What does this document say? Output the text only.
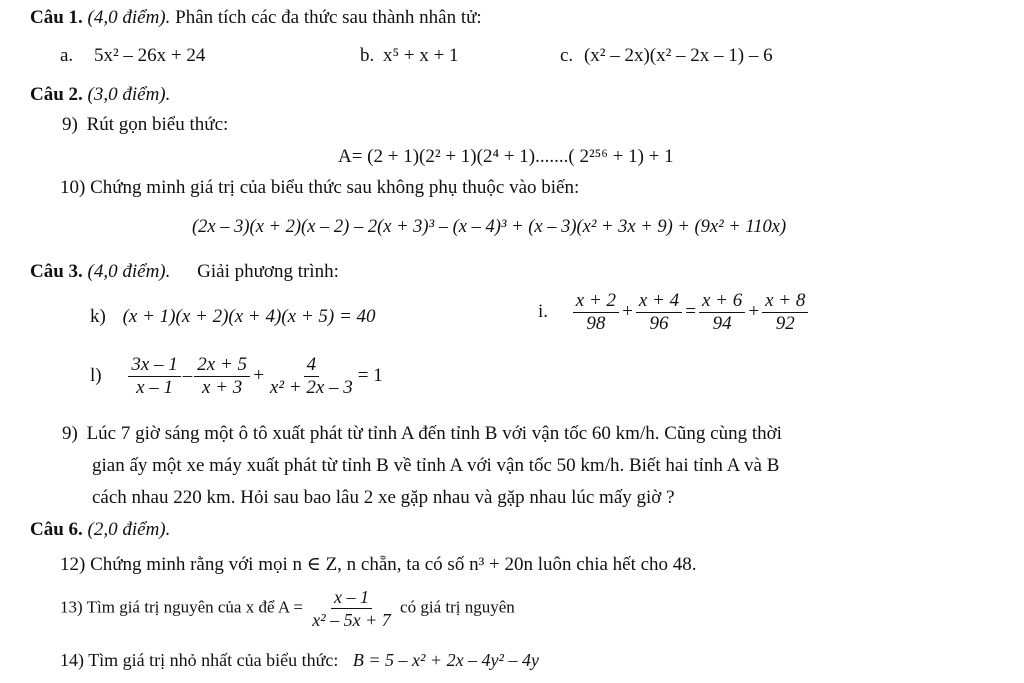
Câu 1. (4,0 điểm). Phân tích các đa thức sau thành nhân tử:
a. 5x² – 26x + 24	b. x⁵ + x + 1	c. (x² – 2x)(x² – 2x – 1) – 6
Câu 2. (3,0 điểm).
9) Rút gọn biểu thức:
A= (2 + 1)(2² + 1)(2⁴ + 1).......( 2²⁵⁶ + 1) + 1
10) Chứng minh giá trị của biểu thức sau không phụ thuộc vào biến:
(2x – 3)(x + 2)(x – 2) – 2(x + 3)³ – (x – 4)³ + (x – 3)(x² + 3x + 9) + (9x² + 110x)
Câu 3. (4,0 điểm). Giải phương trình:
k) (x + 1)(x + 2)(x + 4)(x + 5) = 40	i. $\frac{x + 2}{98} + \frac{x + 4}{96} = \frac{x + 6}{94} + \frac{x + 8}{92}$
$l) \frac{3x - 1}{x - 1} - \frac{2x + 5}{x + 3} + \frac{4}{\text{x² + 2x – 3}} = 1$
9) Lúc 7 giờ sáng một ô tô xuất phát từ tỉnh A đến tỉnh B với vận tốc 60 km/h. Cũng cùng thời
gian ấy một xe máy xuất phát từ tỉnh B về tỉnh A với vận tốc 50 km/h. Biết hai tỉnh A và B
cách nhau 220 km. Hỏi sau bao lâu 2 xe gặp nhau và gặp nhau lúc mấy giờ ?
Câu 6. (2,0 điểm).
12) Chứng minh rằng với mọi n ∈ Z, n chẵn, ta có số n³ + 20n luôn chia hết cho 48.
13) Tìm giá trị nguyên của x để $A = \frac{x - 1}{\text{x² – 5x + 7}}$ có giá trị nguyên
14) Tìm giá trị nhỏ nhất của biểu thức: B = 5 – x² + 2x – 4y² – 4y
